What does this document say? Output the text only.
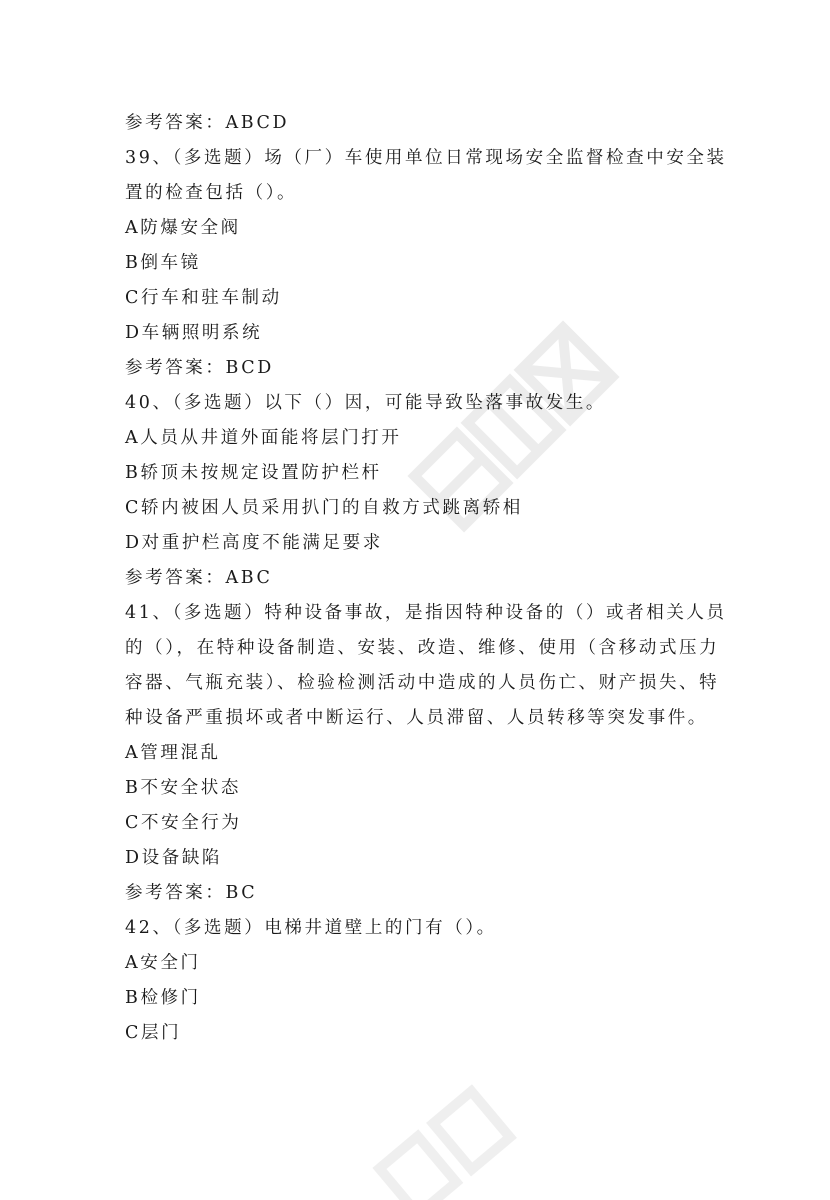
参考答案：ABCD
39、（多选题）场（厂）车使用单位日常现场安全监督检查中安全装
置的检查包括（）。
A防爆安全阀
B倒车镜
C行车和驻车制动
D车辆照明系统
参考答案：BCD
40、（多选题）以下（）因，可能导致坠落事故发生。
A人员从井道外面能将层门打开
B轿顶未按规定设置防护栏杆
C轿内被困人员采用扒门的自救方式跳离轿相
D对重护栏高度不能满足要求
参考答案：ABC
41、（多选题）特种设备事故，是指因特种设备的（）或者相关人员
的（），在特种设备制造、安装、改造、维修、使用（含移动式压力
容器、气瓶充装）、检验检测活动中造成的人员伤亡、财产损失、特
种设备严重损坏或者中断运行、人员滞留、人员转移等突发事件。
A管理混乱
B不安全状态
C不安全行为
D设备缺陷
参考答案：BC
42、（多选题）电梯井道壁上的门有（）。
A安全门
B检修门
C层门
